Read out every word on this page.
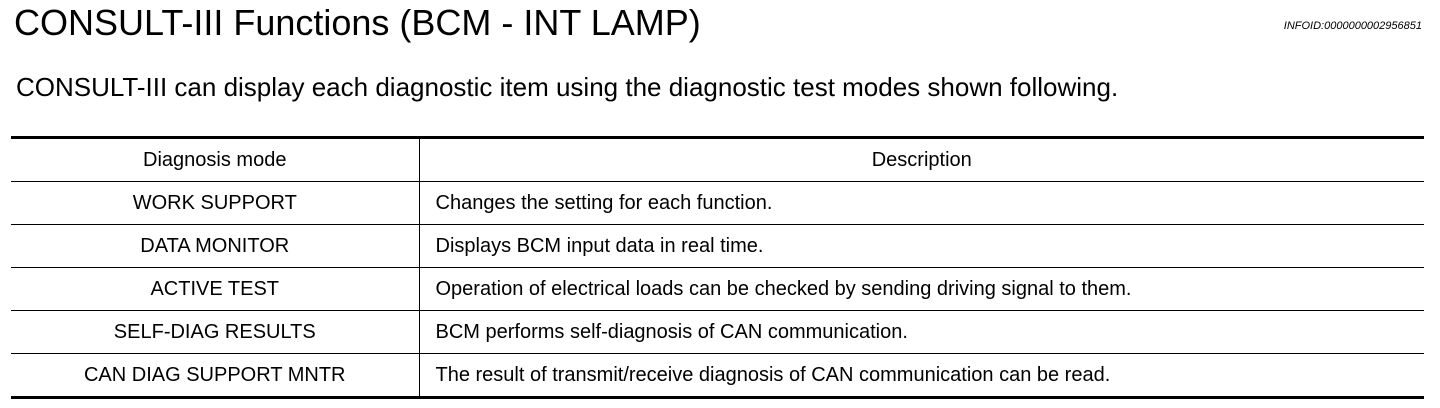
CONSULT-III Functions (BCM - INT LAMP)	INFOID:0000000002956851
CONSULT-III can display each diagnostic item using the diagnostic test modes shown following.
Diagnosis mode	Description
WORK SUPPORT	Changes the setting for each function.
DATA MONITOR	Displays BCM input data in real time.
ACTIVE TEST	Operation of electrical loads can be checked by sending driving signal to them.
SELF-DIAG RESULTS	BCM performs self-diagnosis of CAN communication.
CAN DIAG SUPPORT MNTR	The result of transmit/receive diagnosis of CAN communication can be read.
